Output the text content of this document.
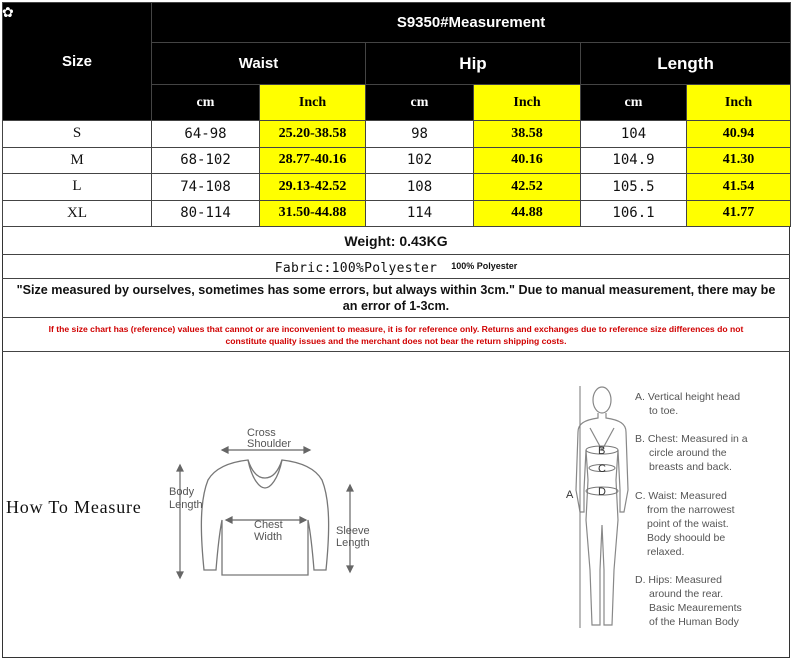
Size	S9350#Measurement					
	Waist		Hip		Length	
	cm	Inch	cm	Inch	cm	Inch
S	64-98	25.20-38.58	98	38.58	104	40.94
M	68-102	28.77-40.16	102	40.16	104.9	41.30
L	74-108	29.13-42.52	108	42.52	105.5	41.54
XL	80-114	31.50-44.88	114	44.88	106.1	41.77
✿
Weight: 0.43KG
Fabric:100%Polyester $^{100\% Polyester}$
"Size measured by ourselves, sometimes has some errors, but always within 3cm." Due to manual measurement, there may be an error of 1-3cm.
If the size chart has (reference) values that cannot or are inconvenient to measure, it is for reference only. Returns and exchanges due to reference size differences do not constitute quality issues and the merchant does not bear the return shipping costs.
How To Measure
Cross
Shoulder
Body
Length
Chest
Width	Sleeve
Length
A
B
C
D
A. Vertical height head
to toe.
B. Chest: Measured in a
circle around the
breasts and back.
C. Waist: Measured
from the narrowest
point of the waist.
Body shoould be
relaxed.
D. Hips: Measured
around the rear.
Basic Meaurements
of the Human Body
